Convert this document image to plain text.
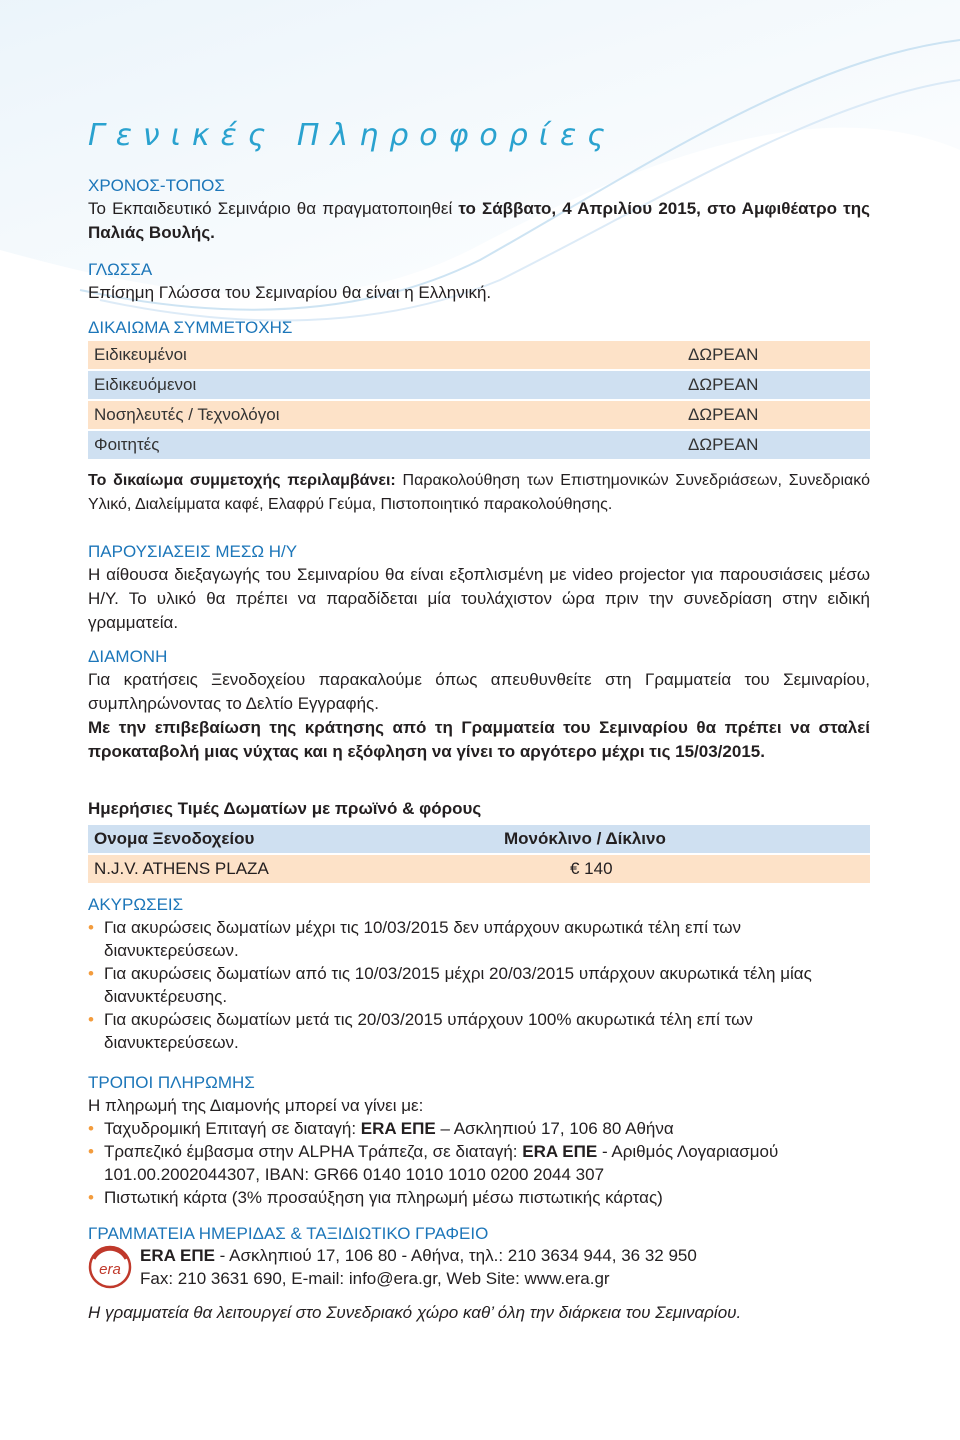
Γενικές Πληροφορίες
ΧΡΟΝΟΣ-ΤΟΠΟΣ

Το Εκπαιδευτικό Σεμινάριο θα πραγματοποιηθεί το Σάββατο, 4 Απριλίου 2015, στο Αμφιθέατρο της Παλιάς Βουλής.

ΓΛΩΣΣΑ

Επίσημη Γλώσσα του Σεμιναρίου θα είναι η Ελληνική.

ΔΙΚΑΙΩΜΑ ΣΥΜΜΕΤΟΧΗΣ
Ειδικευμένοι	ΔΩΡΕΑΝ
Ειδικευόμενοι	ΔΩΡΕΑΝ
Νοσηλευτές / Τεχνολόγοι	ΔΩΡΕΑΝ
Φοιτητές	ΔΩΡΕΑΝ

Το δικαίωμα συμμετοχής περιλαμβάνει: Παρακολούθηση των Επιστημονικών Συνεδριάσεων, Συνεδριακό Υλικό, Διαλείμματα καφέ, Ελαφρύ Γεύμα, Πιστοποιητικό παρακολούθησης.

ΠΑΡΟΥΣΙΑΣΕΙΣ ΜΕΣΩ Η/Υ

Η αίθουσα διεξαγωγής του Σεμιναρίου θα είναι εξοπλισμένη με video projector για παρουσιάσεις μέσω Η/Υ. Το υλικό θα πρέπει να παραδίδεται μία τουλάχιστον ώρα πριν την συνεδρίαση στην ειδική γραμματεία.

ΔΙΑΜΟΝΗ

Για κρατήσεις Ξενοδοχείου παρακαλούμε όπως απευθυνθείτε στη Γραμματεία του Σεμιναρίου, συμπληρώνοντας το Δελτίο Εγγραφής.

Με την επιβεβαίωση της κράτησης από τη Γραμματεία του Σεμιναρίου θα πρέπει να σταλεί προκαταβολή μιας νύχτας και η εξόφληση να γίνει το αργότερο μέχρι τις 15/03/2015.

Ημερήσιες Τιμές Δωματίων με πρωϊνό & φόρους
Ονομα Ξενοδοχείου	Μονόκλινο / Δίκλινο
N.J.V. ATHENS PLAZA	€ 140
ΑΚΥΡΩΣΕΙΣ
• Για ακυρώσεις δωματίων μέχρι τις 10/03/2015 δεν υπάρχουν ακυρωτικά τέλη επί των διανυκτερεύσεων.
• Για ακυρώσεις δωματίων από τις 10/03/2015 μέχρι 20/03/2015 υπάρχουν ακυρωτικά τέλη μίας διανυκτέρευσης.
• Για ακυρώσεις δωματίων μετά τις 20/03/2015 υπάρχουν 100% ακυρωτικά τέλη επί των διανυκτερεύσεων.
ΤΡΟΠΟΙ ΠΛΗΡΩΜΗΣ
Η πληρωμή της Διαμονής μπορεί να γίνει με:
• Ταχυδρομική Επιταγή σε διαταγή: ERA ΕΠΕ – Ασκληπιού 17, 106 80 Αθήνα
• Τραπεζικό έμβασμα στην ALPHA Τράπεζα, σε διαταγή: ERA ΕΠΕ - Αριθμός Λογαριασμού 101.00.2002044307, IBAN: GR66 0140 1010 1010 0200 2044 307
• Πιστωτική κάρτα (3% προσαύξηση για πληρωμή μέσω πιστωτικής κάρτας)
ΓΡΑΜΜΑΤΕΙΑ ΗΜΕΡΙΔΑΣ & ΤΑΞΙΔΙΩΤΙΚΟ ΓΡΑΦΕΙΟ
era
ERA ΕΠΕ - Ασκληπιού 17, 106 80 - Αθήνα, τηλ.: 210 3634 944, 36 32 950
Fax: 210 3631 690, E-mail: info@era.gr, Web Site: www.era.gr
Η γραμματεία θα λειτουργεί στο Συνεδριακό χώρο καθ’ όλη την διάρκεια του Σεμιναρίου.
